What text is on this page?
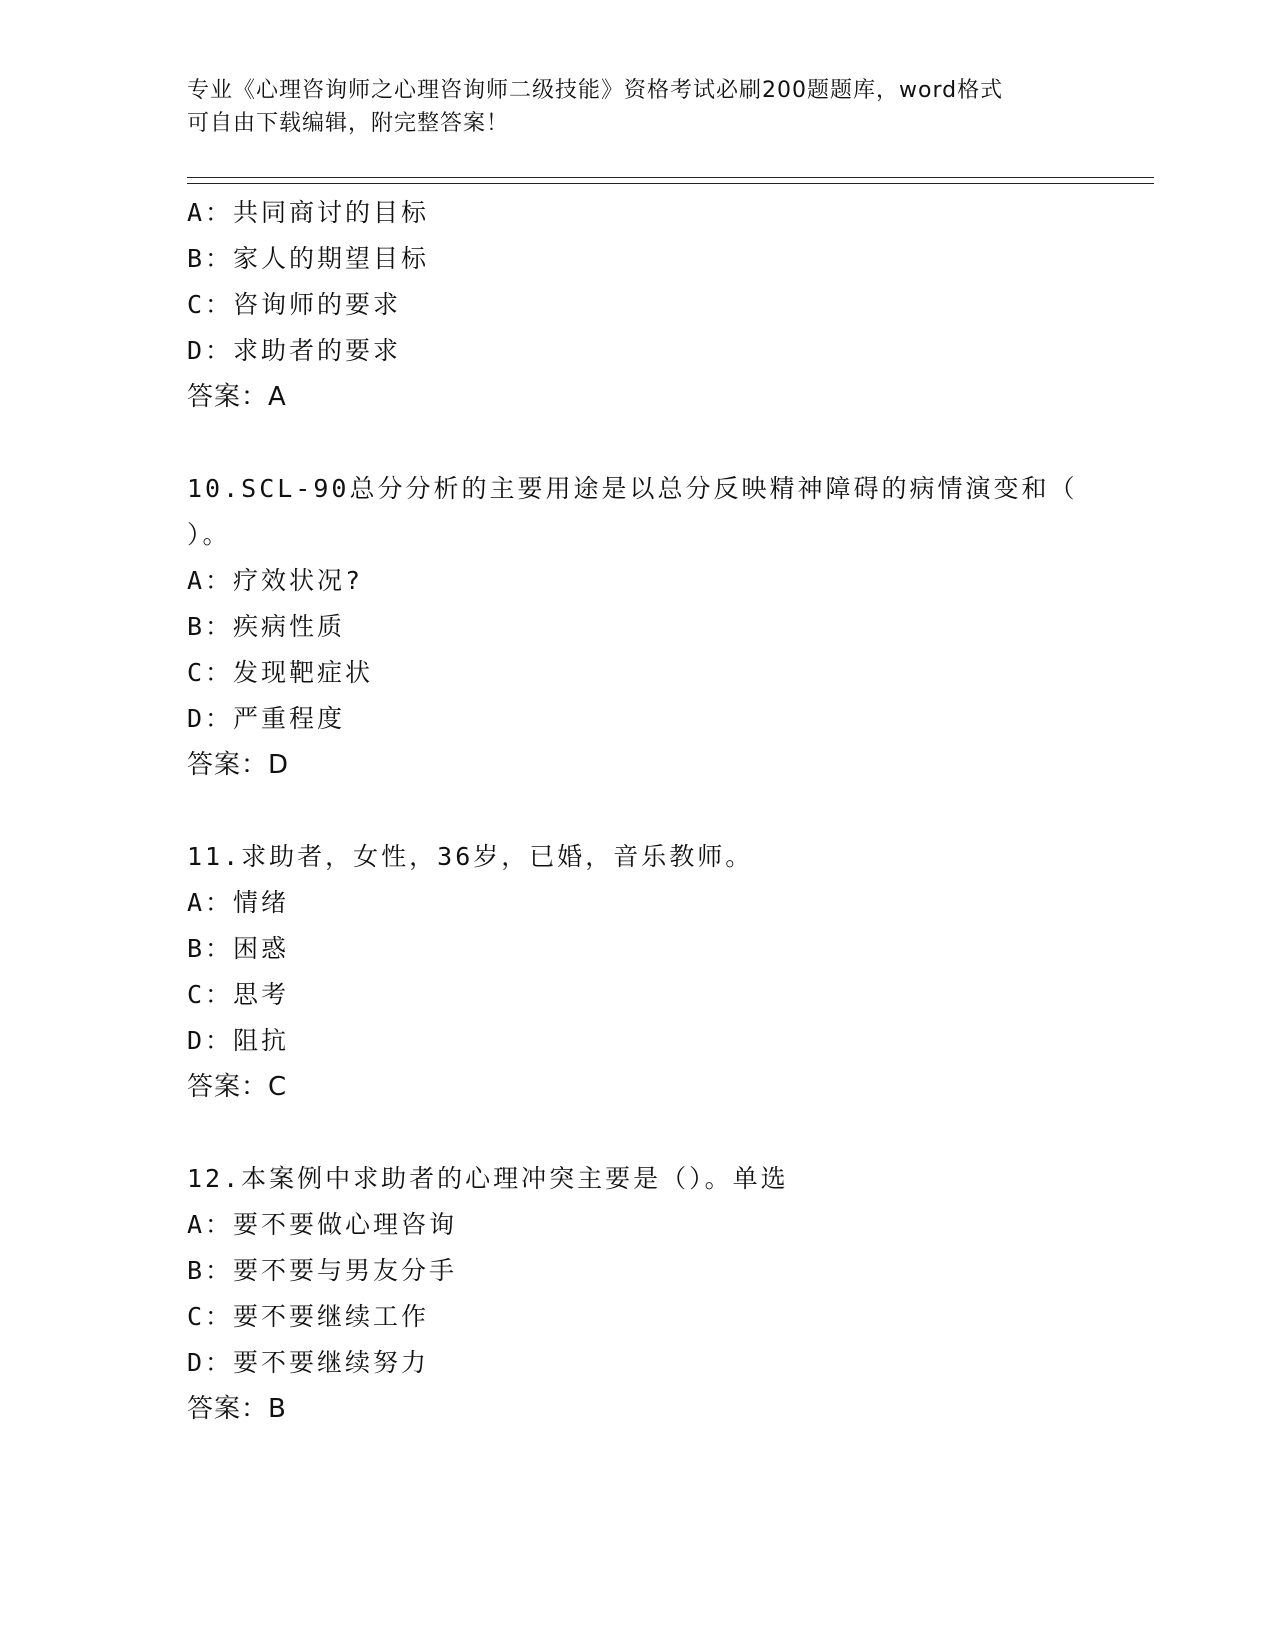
专业《心理咨询师之心理咨询师二级技能》资格考试必刷200题题库，word格式
可自由下载编辑，附完整答案！
A：共同商讨的目标
B：家人的期望目标
C：咨询师的要求
D：求助者的要求
答案：A
10.SCL-90总分分析的主要用途是以总分反映精神障碍的病情演变和（
）。
A：疗效状况?
B：疾病性质
C：发现靶症状
D：严重程度
答案：D
11.求助者，女性，36岁，已婚，音乐教师。
A：情绪
B：困惑
C：思考
D：阻抗
答案：C
12.本案例中求助者的心理冲突主要是（）。单选
A：要不要做心理咨询
B：要不要与男友分手
C：要不要继续工作
D：要不要继续努力
答案：B
